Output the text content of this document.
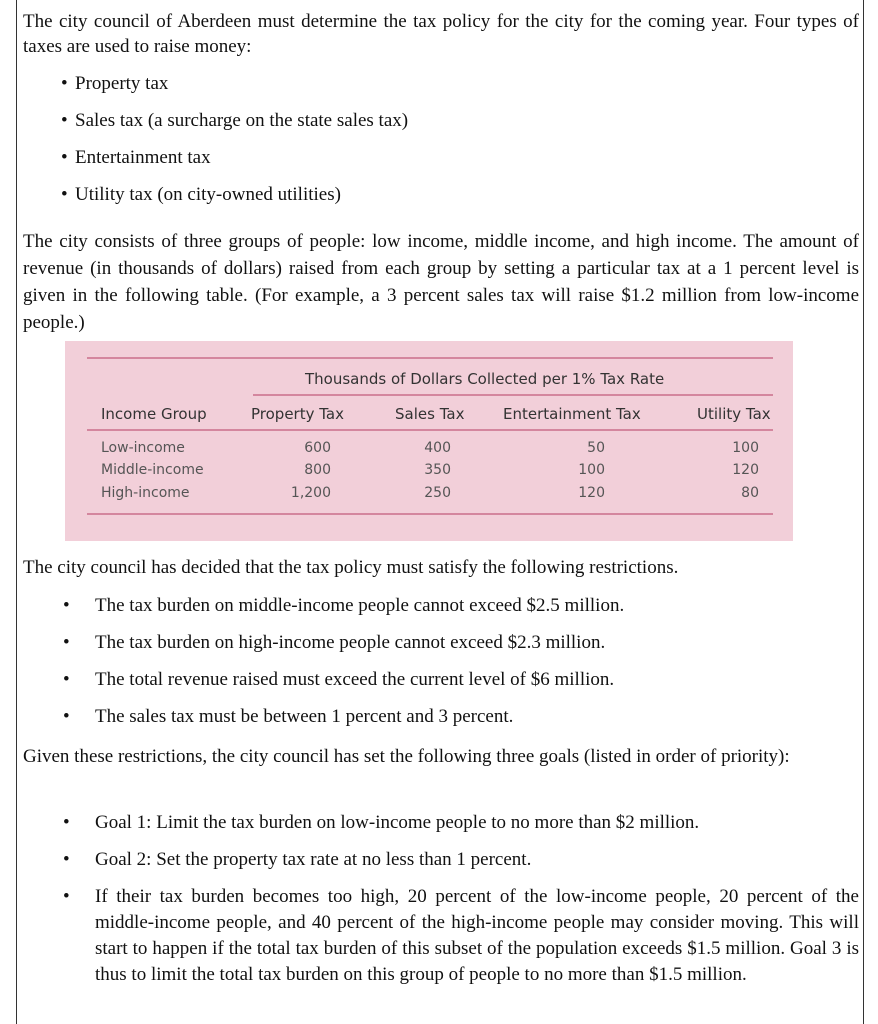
The city council of Aberdeen must determine the tax policy for the city for the coming year. Four types of taxes are used to raise money:

• Property tax
• Sales tax (a surcharge on the state sales tax)
• Entertainment tax
• Utility tax (on city-owned utilities)

The city consists of three groups of people: low income, middle income, and high income. The amount of revenue (in thousands of dollars) raised from each group by setting a particular tax at a 1 percent level is given in the following table. (For example, a 3 percent sales tax will raise $1.2 million from low-income people.)

Thousands of Dollars Collected per 1% Tax Rate
Income Group	Property Tax	Sales Tax	Entertainment Tax	Utility Tax
Low-income	600	400	50	100
Middle-income	800	350	100	120
High-income	1,200	250	120	80

The city council has decided that the tax policy must satisfy the following restrictions.

• The tax burden on middle-income people cannot exceed $2.5 million.
• The tax burden on high-income people cannot exceed $2.3 million.
• The total revenue raised must exceed the current level of $6 million.
• The sales tax must be between 1 percent and 3 percent.

Given these restrictions, the city council has set the following three goals (listed in order of priority):

• Goal 1: Limit the tax burden on low-income people to no more than $2 million.
• Goal 2: Set the property tax rate at no less than 1 percent.
• If their tax burden becomes too high, 20 percent of the low-income people, 20 percent of the middle-income people, and 40 percent of the high-income people may consider moving. This will start to happen if the total tax burden of this subset of the population exceeds $1.5 million. Goal 3 is thus to limit the total tax burden on this group of people to no more than $1.5 million.
